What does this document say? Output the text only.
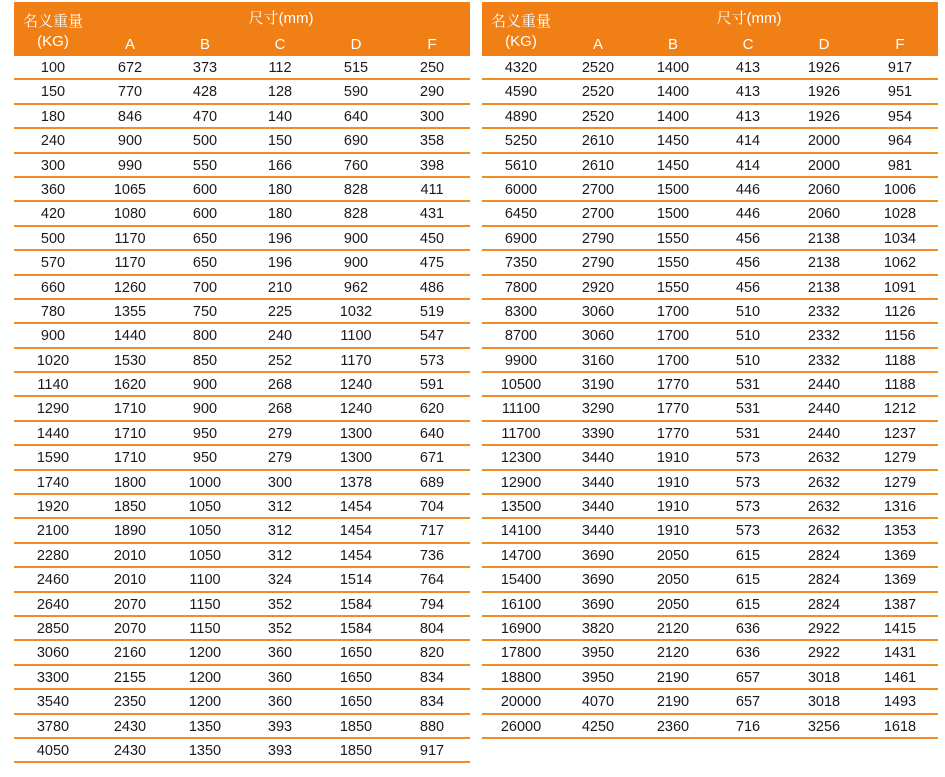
名义重量
(KG)
尺寸(mm)
A	B	C	D	F
100	672	373	112	515	250
150	770	428	128	590	290
180	846	470	140	640	300
240	900	500	150	690	358
300	990	550	166	760	398
360	1065	600	180	828	411
420	1080	600	180	828	431
500	1170	650	196	900	450
570	1170	650	196	900	475
660	1260	700	210	962	486
780	1355	750	225	1032	519
900	1440	800	240	1100	547
1020	1530	850	252	1170	573
1140	1620	900	268	1240	591
1290	1710	900	268	1240	620
1440	1710	950	279	1300	640
1590	1710	950	279	1300	671
1740	1800	1000	300	1378	689
1920	1850	1050	312	1454	704
2100	1890	1050	312	1454	717
2280	2010	1050	312	1454	736
2460	2010	1100	324	1514	764
2640	2070	1150	352	1584	794
2850	2070	1150	352	1584	804
3060	2160	1200	360	1650	820
3300	2155	1200	360	1650	834
3540	2350	1200	360	1650	834
3780	2430	1350	393	1850	880
4050	2430	1350	393	1850	917
名义重量
(KG)
尺寸(mm)
A	B	C	D	F
4320	2520	1400	413	1926	917
4590	2520	1400	413	1926	951
4890	2520	1400	413	1926	954
5250	2610	1450	414	2000	964
5610	2610	1450	414	2000	981
6000	2700	1500	446	2060	1006
6450	2700	1500	446	2060	1028
6900	2790	1550	456	2138	1034
7350	2790	1550	456	2138	1062
7800	2920	1550	456	2138	1091
8300	3060	1700	510	2332	1126
8700	3060	1700	510	2332	1156
9900	3160	1700	510	2332	1188
10500	3190	1770	531	2440	1188
11100	3290	1770	531	2440	1212
11700	3390	1770	531	2440	1237
12300	3440	1910	573	2632	1279
12900	3440	1910	573	2632	1279
13500	3440	1910	573	2632	1316
14100	3440	1910	573	2632	1353
14700	3690	2050	615	2824	1369
15400	3690	2050	615	2824	1369
16100	3690	2050	615	2824	1387
16900	3820	2120	636	2922	1415
17800	3950	2120	636	2922	1431
18800	3950	2190	657	3018	1461
20000	4070	2190	657	3018	1493
26000	4250	2360	716	3256	1618
